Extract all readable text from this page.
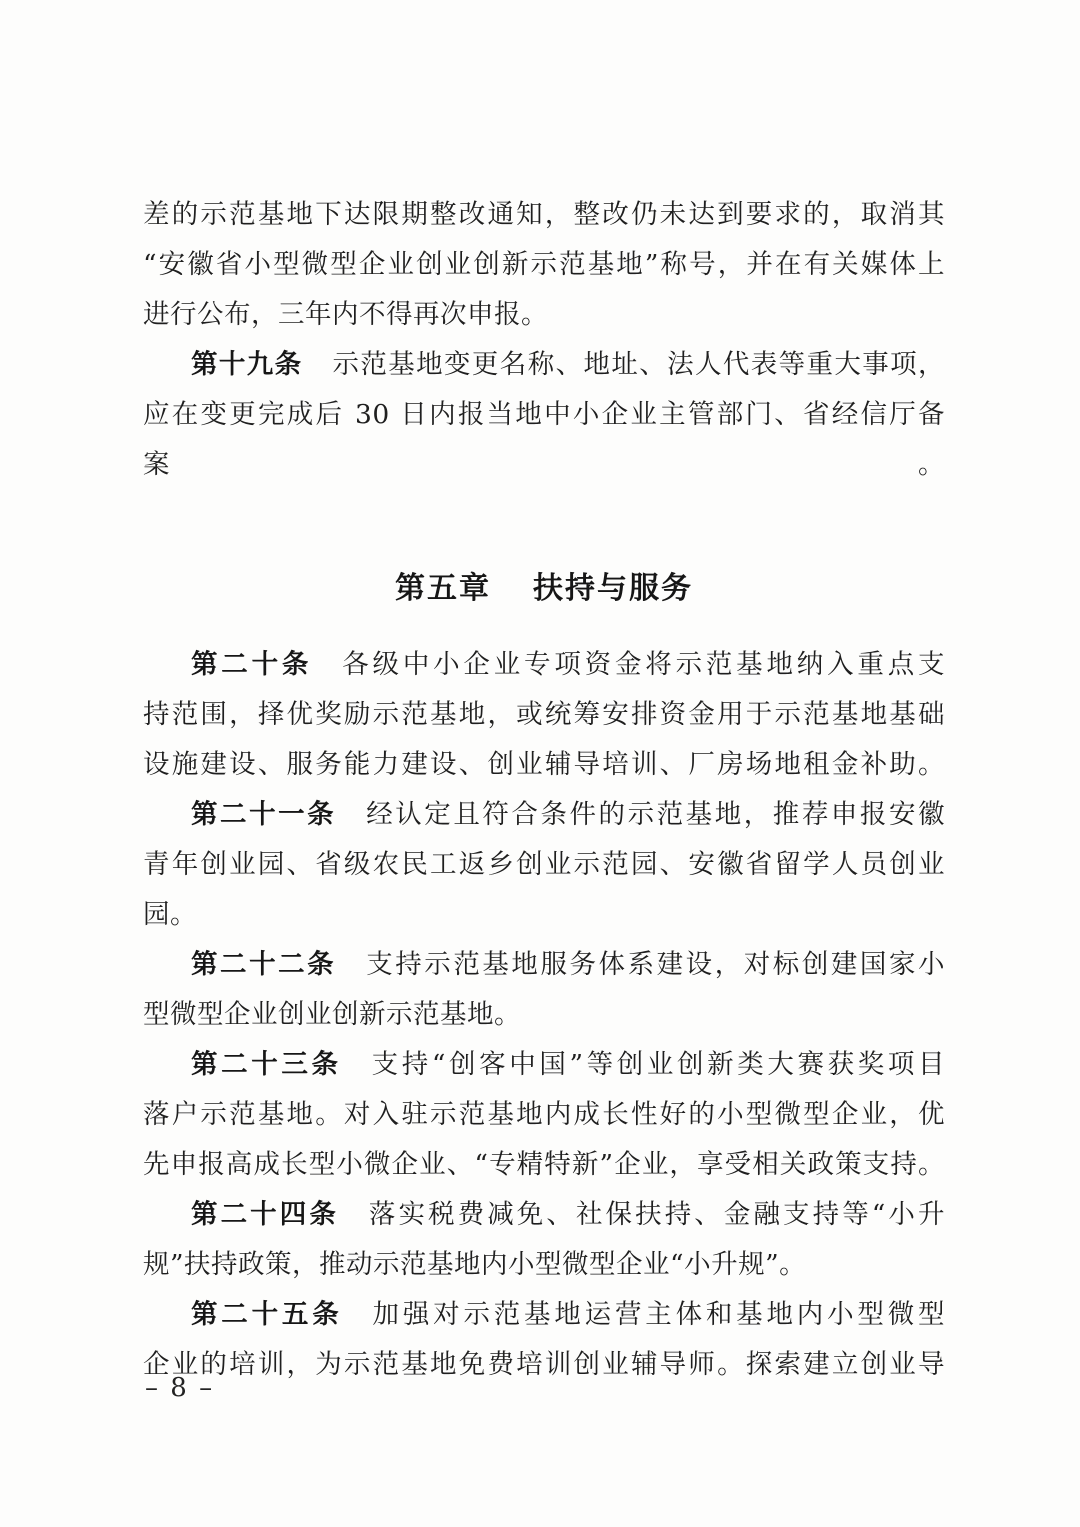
差的示范基地下达限期整改通知，整改仍未达到要求的，取消其
“安徽省小型微型企业创业创新示范基地”称号，并在有关媒体上
进行公布，三年内不得再次申报。
第十九条 示范基地变更名称、地址、法人代表等重大事项，
应在变更完成后 30 日内报当地中小企业主管部门、省经信厅备案。
第五章 扶持与服务
第二十条 各级中小企业专项资金将示范基地纳入重点支
持范围，择优奖励示范基地，或统筹安排资金用于示范基地基础
设施建设、服务能力建设、创业辅导培训、厂房场地租金补助。
第二十一条 经认定且符合条件的示范基地，推荐申报安徽
青年创业园、省级农民工返乡创业示范园、安徽省留学人员创业
园。
第二十二条 支持示范基地服务体系建设，对标创建国家小
型微型企业创业创新示范基地。
第二十三条 支持“创客中国”等创业创新类大赛获奖项目
落户示范基地。对入驻示范基地内成长性好的小型微型企业，优
先申报高成长型小微企业、“专精特新”企业，享受相关政策支持。
第二十四条 落实税费减免、社保扶持、金融支持等“小升
规”扶持政策，推动示范基地内小型微型企业“小升规”。
第二十五条 加强对示范基地运营主体和基地内小型微型
企业的培训，为示范基地免费培训创业辅导师。探索建立创业导
– 8 –
